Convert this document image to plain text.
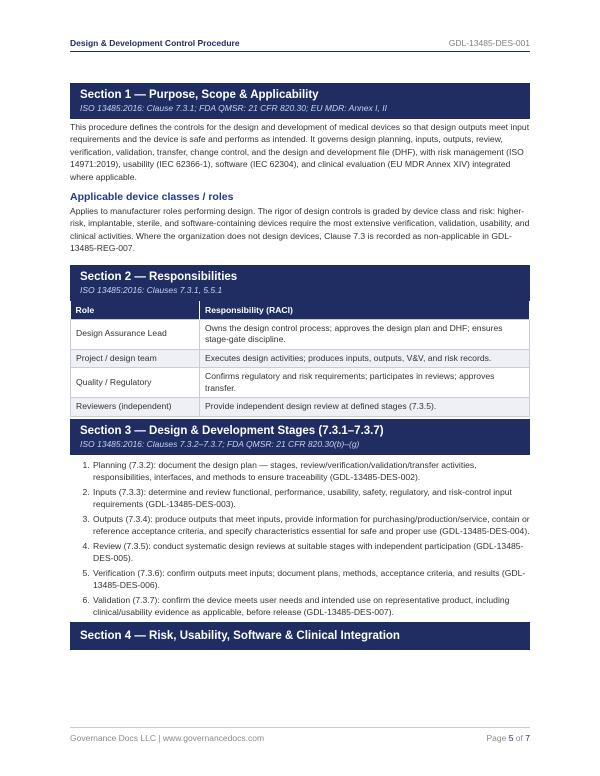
Design & Development Control Procedure	GDL-13485-DES-001
Section 1 — Purpose, Scope & Applicability
ISO 13485:2016: Clause 7.3.1; FDA QMSR: 21 CFR 820.30; EU MDR: Annex I, II

This procedure defines the controls for the design and development of medical devices so that design outputs meet input requirements and the device is safe and performs as intended. It governs design planning, inputs, outputs, review, verification, validation, transfer, change control, and the design and development file (DHF), with risk management (ISO 14971:2019), usability (IEC 62366-1), software (IEC 62304), and clinical evaluation (EU MDR Annex XIV) integrated where applicable.

Applicable device classes / roles

Applies to manufacturer roles performing design. The rigor of design controls is graded by device class and risk: higher-risk, implantable, sterile, and software-containing devices require the most extensive verification, validation, usability, and clinical activities. Where the organization does not design devices, Clause 7.3 is recorded as non-applicable in GDL-13485-REG-007.

Section 2 — Responsibilities
ISO 13485:2016: Clauses 7.3.1, 5.5.1
Role	Responsibility (RACI)
Design Assurance Lead	Owns the design control process; approves the design plan and DHF; ensures stage-gate discipline.
Project / design team	Executes design activities; produces inputs, outputs, V&V, and risk records.
Quality / Regulatory	Confirms regulatory and risk requirements; participates in reviews; approves transfer.
Reviewers (independent)	Provide independent design review at defined stages (7.3.5).
Section 3 — Design & Development Stages (7.3.1–7.3.7)
ISO 13485:2016: Clauses 7.3.2–7.3.7; FDA QMSR: 21 CFR 820.30(b)–(g)
1. Planning (7.3.2): document the design plan — stages, review/verification/validation/transfer activities, responsibilities, interfaces, and methods to ensure traceability (GDL-13485-DES-002).
2. Inputs (7.3.3): determine and review functional, performance, usability, safety, regulatory, and risk-control input requirements (GDL-13485-DES-003).
3. Outputs (7.3.4): produce outputs that meet inputs, provide information for purchasing/production/service, contain or reference acceptance criteria, and specify characteristics essential for safe and proper use (GDL-13485-DES-004).
4. Review (7.3.5): conduct systematic design reviews at suitable stages with independent participation (GDL-13485-DES-005).
5. Verification (7.3.6): confirm outputs meet inputs; document plans, methods, acceptance criteria, and results (GDL-13485-DES-006).
6. Validation (7.3.7): confirm the device meets user needs and intended use on representative product, including clinical/usability evidence as applicable, before release (GDL-13485-DES-007).
Section 4 — Risk, Usability, Software & Clinical Integration
Governance Docs LLC | www.governancedocs.com	Page 5 of 7
